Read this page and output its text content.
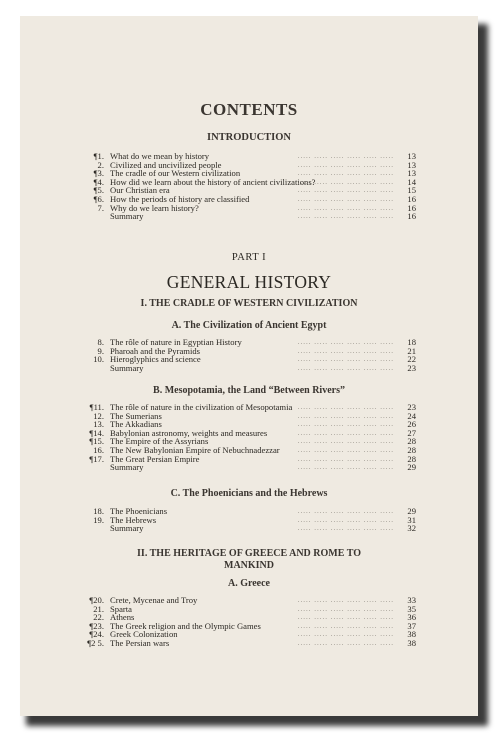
CONTENTS
INTRODUCTION
¶1. What do we mean by history	..... ..... ..... ..... ..... .....	13
2. Civilized and uncivilized people	..... ..... ..... ..... ..... .....	13
¶3. The cradle of our Western civilization	..... ..... ..... ..... ..... .....	13
¶4. How did we learn about the history of ancient civilizations?
..... ..... ..... ..... ..... .....	14
¶5. Our Christian era	..... ..... ..... ..... ..... .....	15
¶6. How the periods of history are classified	..... ..... ..... ..... ..... .....	16
7. Why do we learn history?	..... ..... ..... ..... ..... .....	16
Summary	..... ..... ..... ..... ..... .....	16
PART I
GENERAL HISTORY
I. THE CRADLE OF WESTERN CIVILIZATION
A. The Civilization of Ancient Egypt
8. The rôle of nature in Egyptian History	..... ..... ..... ..... ..... .....	18
9. Pharoah and the Pyramids	..... ..... ..... ..... ..... .....	21
10. Hieroglyphics and science	..... ..... ..... ..... ..... .....	22
Summary	..... ..... ..... ..... ..... .....	23
B. Mesopotamia, the Land “Between Rivers”
¶11. The rôle of nature in the civilization of Mesopotamia ..... ..... ..... ..... ..... .....	23
12. The Sumerians	..... ..... ..... ..... ..... .....	24
13. The Akkadians	..... ..... ..... ..... ..... .....	26
¶14. Babylonian astronomy, weights and measures	..... ..... ..... ..... ..... .....	27
¶15. The Empire of the Assyrians	..... ..... ..... ..... ..... .....	28
16. The New Babylonian Empire of Nebuchnadezzar	..... ..... ..... ..... ..... .....	28
¶17. The Great Persian Empire	..... ..... ..... ..... ..... .....	28
Summary	..... ..... ..... ..... ..... .....	29
C. The Phoenicians and the Hebrews
18. The Phoenicians	..... ..... ..... ..... ..... .....	29
19. The Hebrews	..... ..... ..... ..... ..... .....	31
Summary	..... ..... ..... ..... ..... .....	32
II. THE HERITAGE OF GREECE AND ROME TO
MANKIND
A. Greece
¶20. Crete, Mycenae and Troy	..... ..... ..... ..... ..... .....	33
21. Sparta	..... ..... ..... ..... ..... .....	35
22. Athens	..... ..... ..... ..... ..... .....	36
¶23. The Greek religion and the Olympic Games	..... ..... ..... ..... ..... .....	37
¶24. Greek Colonization	..... ..... ..... ..... ..... .....	38
¶2 5. The Persian wars	..... ..... ..... ..... ..... .....	38
